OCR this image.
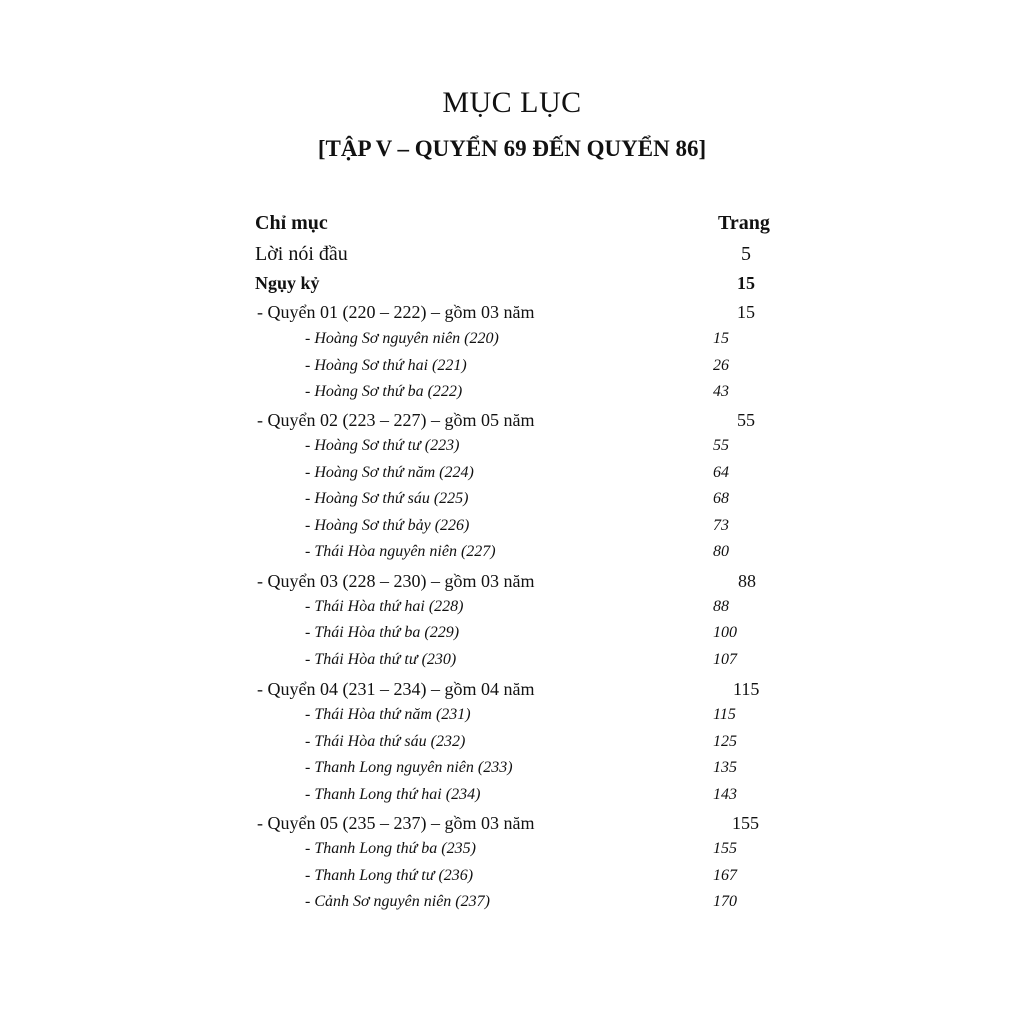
MỤC LỤC
[TẬP V – QUYỂN 69 ĐẾN QUYỂN 86]
Chỉ mục	Trang
Lời nói đầu	5
Ngụy kỷ	15
- Quyển 01 (220 – 222) – gồm 03 năm	15
- Hoàng Sơ nguyên niên (220)	15
- Hoàng Sơ thứ hai (221)	26
- Hoàng Sơ thứ ba (222)	43
- Quyển 02 (223 – 227) – gồm 05 năm	55
- Hoàng Sơ thứ tư (223)	55
- Hoàng Sơ thứ năm (224)	64
- Hoàng Sơ thứ sáu (225)	68
- Hoàng Sơ thứ bảy (226)	73
- Thái Hòa nguyên niên (227)	80
- Quyển 03 (228 – 230) – gồm 03 năm	88
- Thái Hòa thứ hai (228)	88
- Thái Hòa thứ ba (229)	100
- Thái Hòa thứ tư (230)	107
- Quyển 04 (231 – 234) – gồm 04 năm	115
- Thái Hòa thứ năm (231)	115
- Thái Hòa thứ sáu (232)	125
- Thanh Long nguyên niên (233)	135
- Thanh Long thứ hai (234)	143
- Quyển 05 (235 – 237) – gồm 03 năm	155
- Thanh Long thứ ba (235)	155
- Thanh Long thứ tư (236)	167
- Cảnh Sơ nguyên niên (237)	170
